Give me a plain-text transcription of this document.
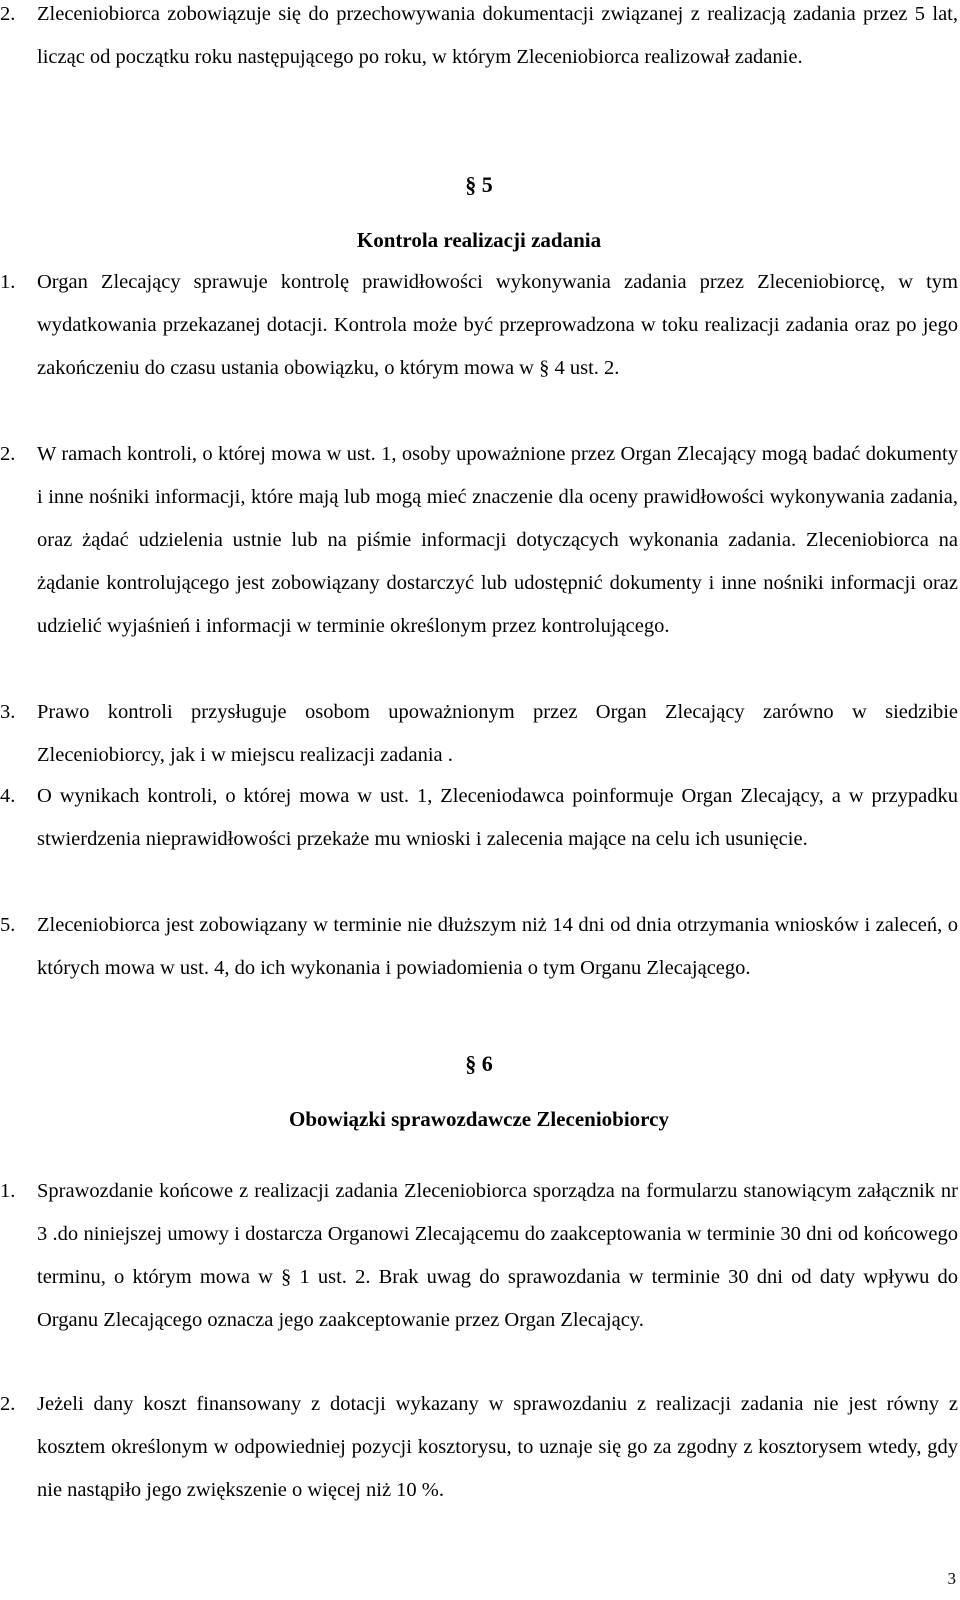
2.	Zleceniobiorca zobowiązuje się do przechowywania dokumentacji związanej z realizacją zadania przez 5 lat, licząc od początku roku następującego po roku, w którym Zleceniobiorca realizował zadanie.
§ 5
Kontrola realizacji zadania
1.	Organ Zlecający sprawuje kontrolę prawidłowości wykonywania zadania przez Zleceniobiorcę, w tym wydatkowania przekazanej dotacji. Kontrola może być przeprowadzona w toku realizacji zadania oraz po jego zakończeniu do czasu ustania obowiązku, o którym mowa w § 4 ust. 2.
2.	W ramach kontroli, o której mowa w ust. 1, osoby upoważnione przez Organ Zlecający mogą badać dokumenty i inne nośniki informacji, które mają lub mogą mieć znaczenie dla oceny prawidłowości wykonywania zadania, oraz żądać udzielenia ustnie lub na piśmie informacji dotyczących wykonania zadania. Zleceniobiorca na żądanie kontrolującego jest zobowiązany dostarczyć lub udostępnić dokumenty i inne nośniki informacji oraz udzielić wyjaśnień i informacji w terminie określonym przez kontrolującego.
3.	Prawo kontroli przysługuje osobom upoważnionym przez Organ Zlecający zarówno w siedzibie Zleceniobiorcy, jak i w miejscu realizacji zadania .
4.	O wynikach kontroli, o której mowa w ust. 1, Zleceniodawca poinformuje Organ Zlecający, a w przypadku stwierdzenia nieprawidłowości przekaże mu wnioski i zalecenia mające na celu ich usunięcie.
5.	Zleceniobiorca jest zobowiązany w terminie nie dłuższym niż 14 dni od dnia otrzymania wniosków i zaleceń, o których mowa w ust. 4, do ich wykonania i powiadomienia o tym Organu Zlecającego.
§ 6
Obowiązki sprawozdawcze Zleceniobiorcy
1.	Sprawozdanie końcowe z realizacji zadania Zleceniobiorca sporządza na formularzu stanowiącym załącznik nr 3 .do niniejszej umowy i dostarcza Organowi Zlecającemu do zaakceptowania w terminie 30 dni od końcowego terminu, o którym mowa w § 1 ust. 2. Brak uwag do sprawozdania w terminie 30 dni od daty wpływu do Organu Zlecającego oznacza jego zaakceptowanie przez Organ Zlecający.
2.	Jeżeli dany koszt finansowany z dotacji wykazany w sprawozdaniu z realizacji zadania nie jest równy z kosztem określonym w odpowiedniej pozycji kosztorysu, to uznaje się go za zgodny z kosztorysem wtedy, gdy nie nastąpiło jego zwiększenie o więcej niż 10 %.
3
